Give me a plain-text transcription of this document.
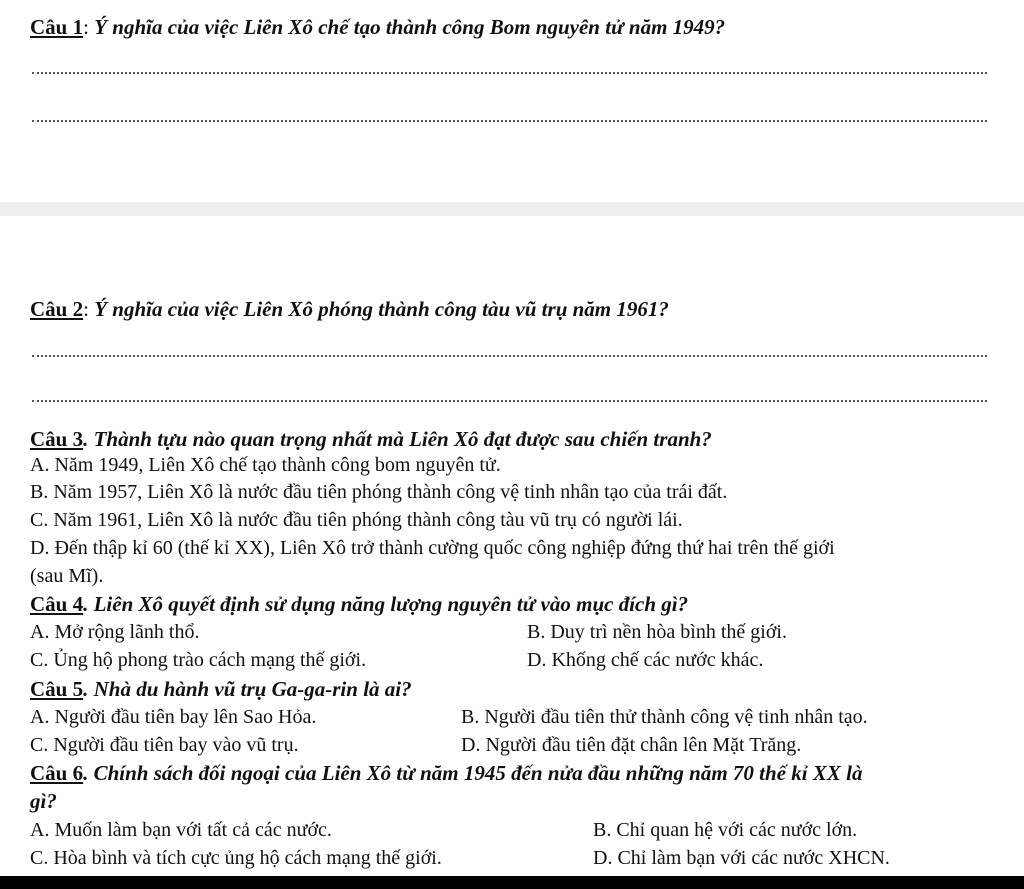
Câu 1: Ý nghĩa của việc Liên Xô chế tạo thành công Bom nguyên tử năm 1949?
Câu 2: Ý nghĩa của việc Liên Xô phóng thành công tàu vũ trụ năm 1961?
Câu 3. Thành tựu nào quan trọng nhất mà Liên Xô đạt được sau chiến tranh?
A. Năm 1949, Liên Xô chế tạo thành công bom nguyên tử.
B. Năm 1957, Liên Xô là nước đầu tiên phóng thành công vệ tinh nhân tạo của trái đất.
C. Năm 1961, Liên Xô là nước đầu tiên phóng thành công tàu vũ trụ có người lái.
D. Đến thập kỉ 60 (thế kỉ XX), Liên Xô trở thành cường quốc công nghiệp đứng thứ hai trên thế giới
(sau Mĩ).
Câu 4. Liên Xô quyết định sử dụng năng lượng nguyên tử vào mục đích gì?
A. Mở rộng lãnh thổ.	B. Duy trì nền hòa bình thế giới.
C. Ủng hộ phong trào cách mạng thế giới.	D. Khống chế các nước khác.
Câu 5. Nhà du hành vũ trụ Ga-ga-rin là ai?
A. Người đầu tiên bay lên Sao Hỏa.	B. Người đầu tiên thử thành công vệ tinh nhân tạo.
C. Người đầu tiên bay vào vũ trụ.	D. Người đầu tiên đặt chân lên Mặt Trăng.
Câu 6. Chính sách đối ngoại của Liên Xô từ năm 1945 đến nửa đầu những năm 70 thế kỉ XX là
gì?
A. Muốn làm bạn với tất cả các nước.	B. Chỉ quan hệ với các nước lớn.
C. Hòa bình và tích cực ủng hộ cách mạng thế giới.	D. Chỉ làm bạn với các nước XHCN.
